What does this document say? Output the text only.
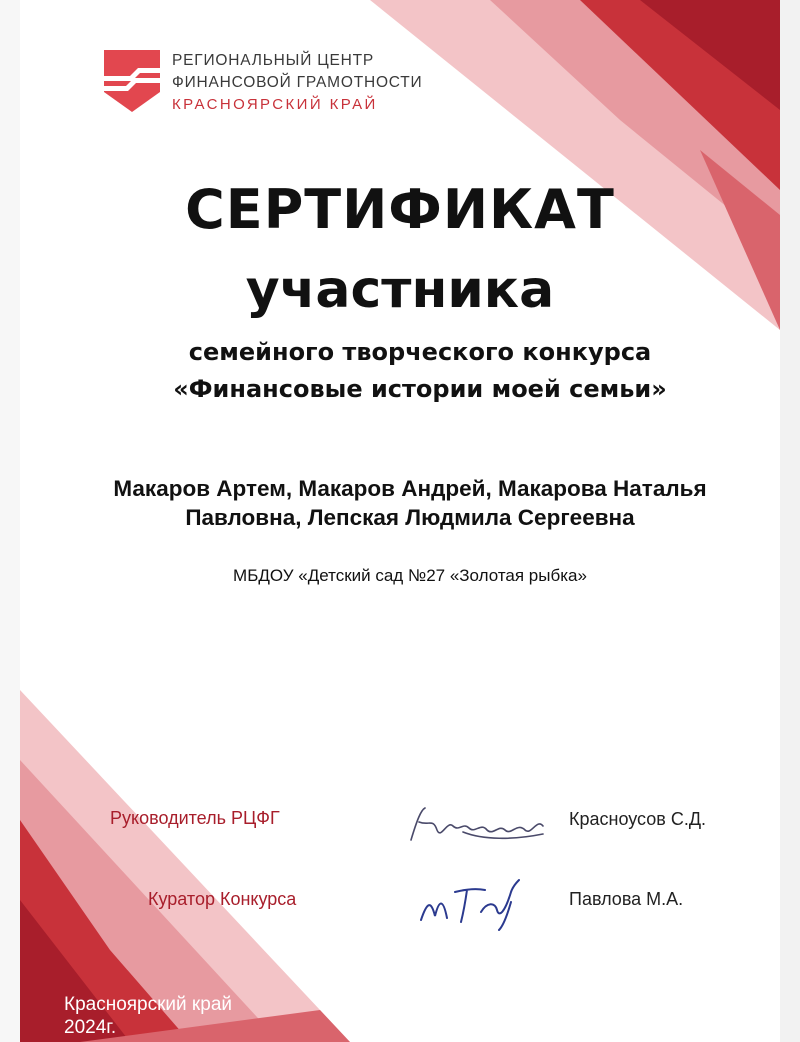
РЕГИОНАЛЬНЫЙ ЦЕНТР
ФИНАНСОВОЙ ГРАМОТНОСТИ
КРАСНОЯРСКИЙ КРАЙ
СЕРТИФИКАТ
участника
семейного творческого конкурса
«Финансовые истории моей семьи»
Макаров Артем, Макаров Андрей, Макарова Наталья Павловна, Лепская Людмила Сергеевна
МБДОУ «Детский сад №27 «Золотая рыбка»
Руководитель РЦФГ	Красноусов С.Д.
Куратор Конкурса	Павлова М.А.
Красноярский край
2024г.
